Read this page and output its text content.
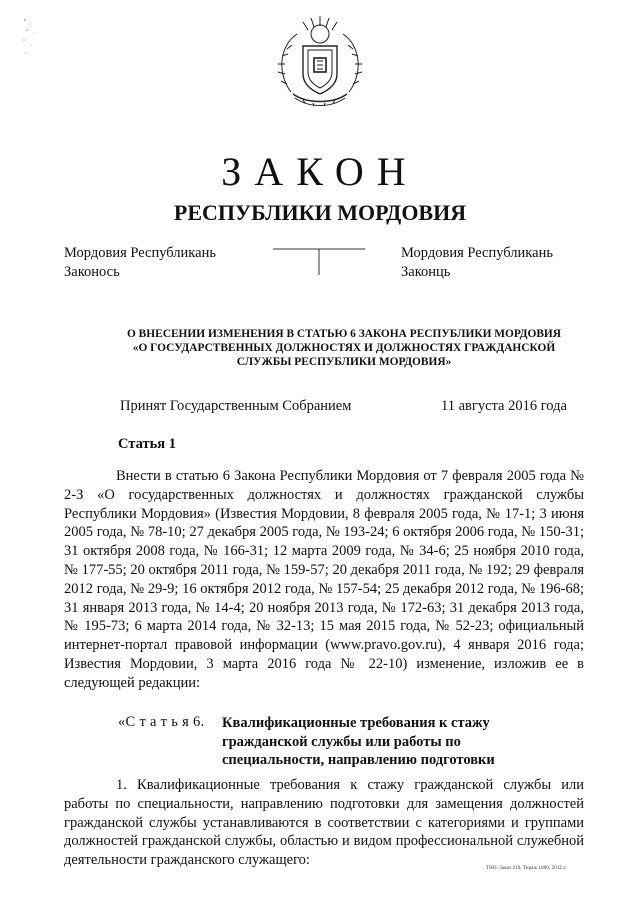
ЗАКОН
РЕСПУБЛИКИ МОРДОВИЯ
Мордовия Республикань
Законось
Мордовия Республикань
Законць
О ВНЕСЕНИИ ИЗМЕНЕНИЯ В СТАТЬЮ 6 ЗАКОНА РЕСПУБЛИКИ МОРДОВИЯ
«О ГОСУДАРСТВЕННЫХ ДОЛЖНОСТЯХ И ДОЛЖНОСТЯХ ГРАЖДАНСКОЙ
СЛУЖБЫ РЕСПУБЛИКИ МОРДОВИЯ»
Принят Государственным Собранием	11 августа 2016 года
Статья 1
Внести в статью 6 Закона Республики Мордовия от 7 февраля 2005 года № 2-З «О государственных должностях и должностях гражданской службы Республики Мордовия» (Известия Мордовии, 8 февраля 2005 года, № 17-1; 3 июня 2005 года, № 78-10; 27 декабря 2005 года, № 193-24; 6 октября 2006 года, № 150-31; 31 октября 2008 года, № 166-31; 12 марта 2009 года, № 34-6; 25 ноября 2010 года, № 177-55; 20 октября 2011 года, № 159-57; 20 декабря 2011 года, № 192; 29 февраля 2012 года, № 29-9; 16 октября 2012 года, № 157-54; 25 декабря 2012 года, № 196-68; 31 января 2013 года, № 14-4; 20 ноября 2013 года, № 172-63; 31 декабря 2013 года, № 195-73; 6 марта 2014 года, № 32-13; 15 мая 2015 года, № 52-23; официальный интернет-портал правовой информации (www.pravo.gov.ru), 4 января 2016 года; Известия Мордовии, 3 марта 2016 года № 22-10) изменение, изложив ее в следующей редакции:
«С т а т ь я 6. Квалификационные требования к стажу
гражданской службы или работы по
специальности, направлению подготовки
1. Квалификационные требования к стажу гражданской службы или работы по специальности, направлению подготовки для замещения должностей гражданской службы устанавливаются в соответствии с категориями и группами должностей гражданской службы, областью и видом профессиональной служебной деятельности гражданского служащего:
ТНО. Заказ 219. Тираж 1000. 2012 г.
